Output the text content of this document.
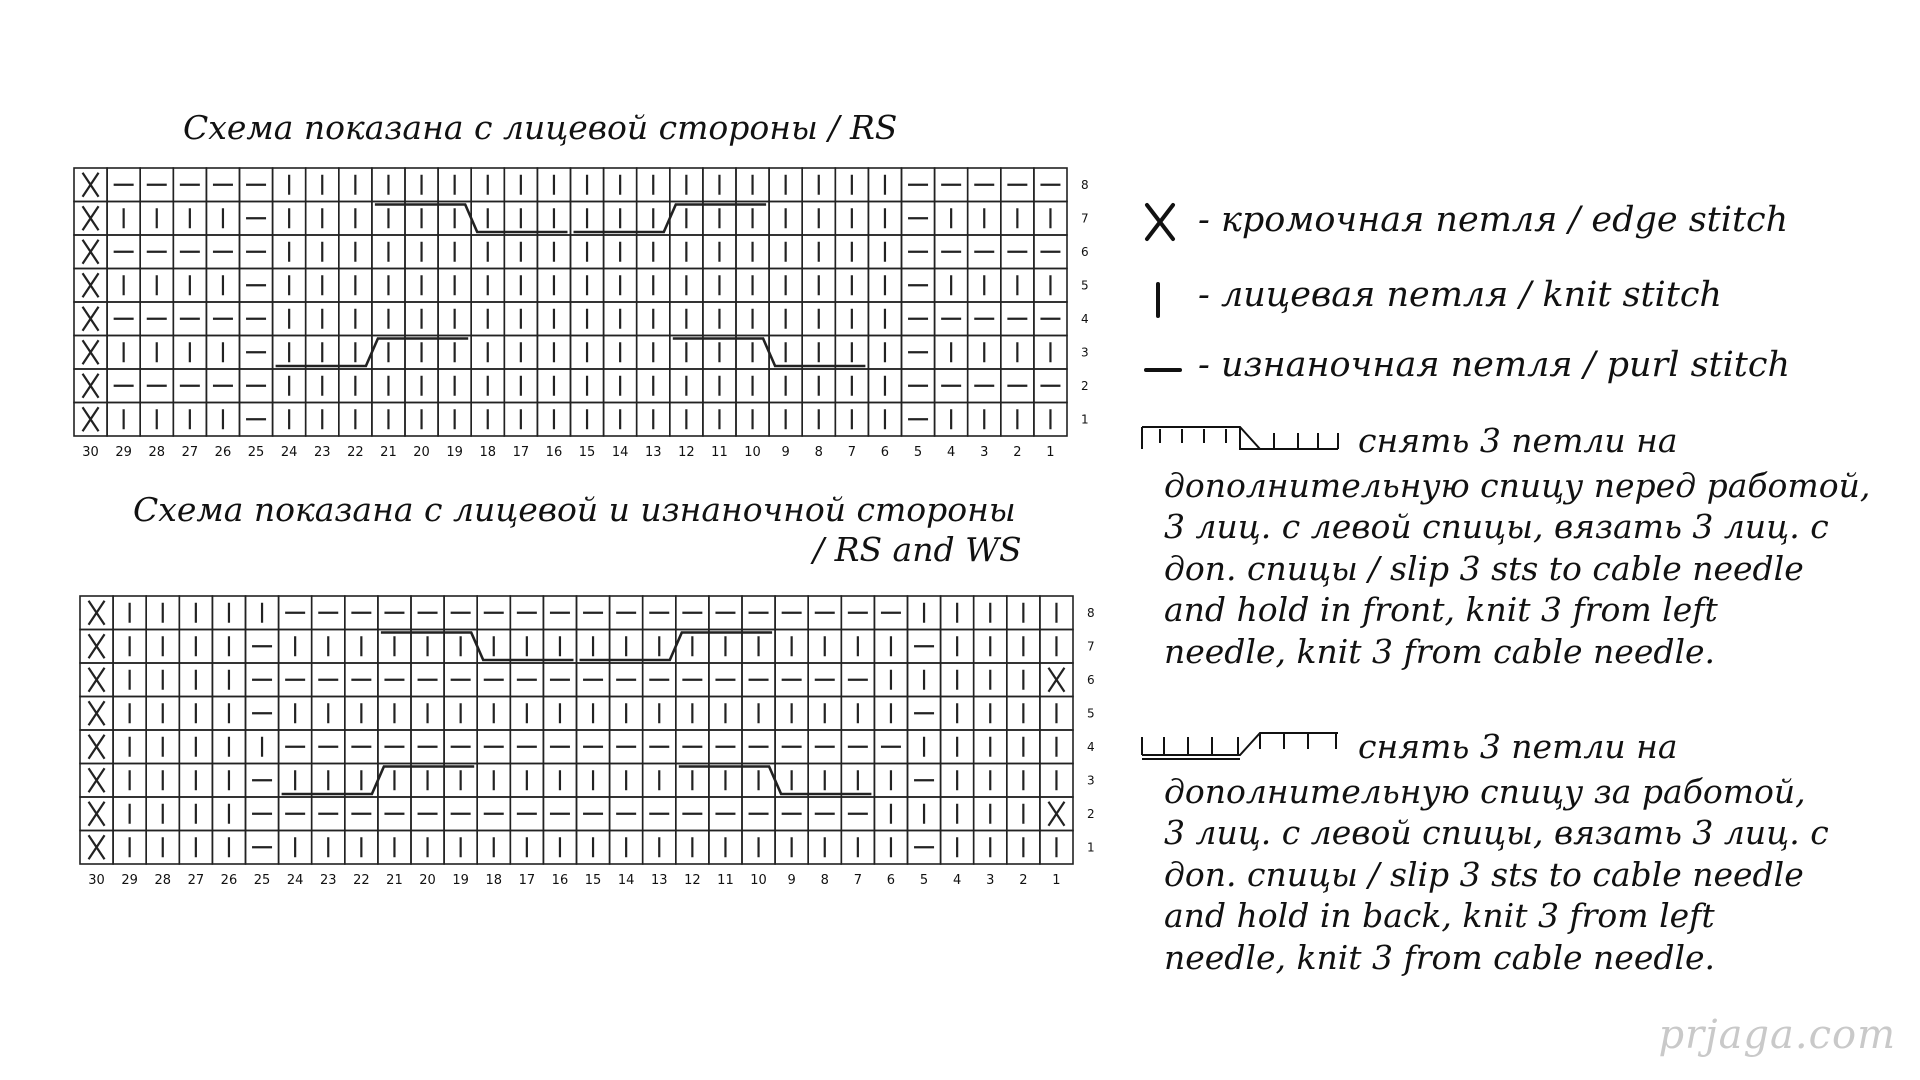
Схема показана с лицевой стороны / RS
30 29 28 27 26 25 24 23 22 21 20 19 18 17 16 15 14 13 12 11 10 9 8 7 6 5 4 3 2 1
8
7
6
5
4
3
2
1
Схема показана с лицевой и изнаночной стороны
/ RS and WS
30 29 28 27 26 25 24 23 22 21 20 19 18 17 16 15 14 13 12 11 10 9 8 7 6 5 4 3 2 1
8
7
6
5
4
3
2
1
- кромочная петля / edge stitch
- лицевая петля / knit stitch
- изнаночная петля / purl stitch
снять 3 петли на
дополнительную спицу перед работой,
3 лиц. с левой спицы, вязать 3 лиц. с
доп. спицы / slip 3 sts to cable needle
and hold in front, knit 3 from left
needle, knit 3 from cable needle.
снять 3 петли на
дополнительную спицу за работой,
3 лиц. с левой спицы, вязать 3 лиц. с
доп. спицы / slip 3 sts to cable needle
and hold in back, knit 3 from left
needle, knit 3 from cable needle.
prjaga.com
